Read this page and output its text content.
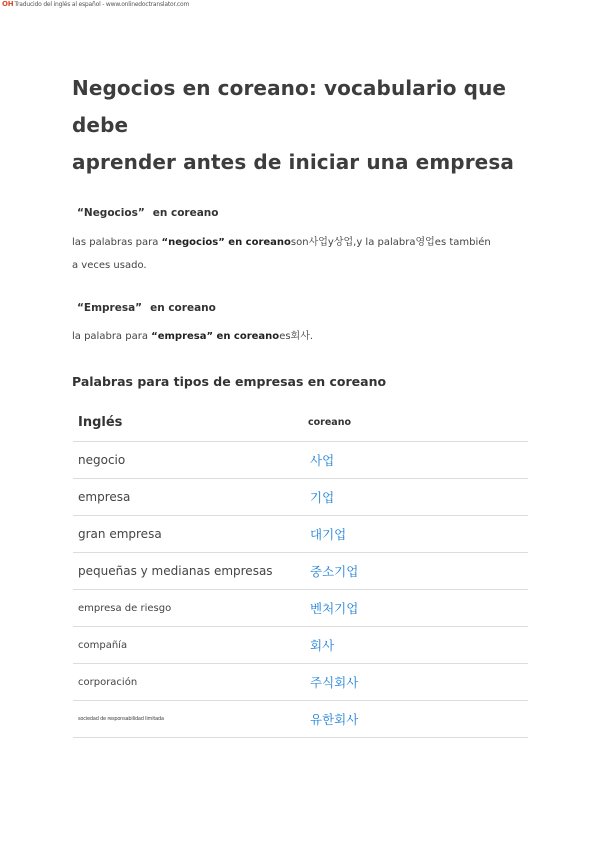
OHTraducido del inglés al español - www.onlinedoctranslator.com
Negocios en coreano: vocabulario que debe
aprender antes de iniciar una empresa
“Negocios” en coreano

las palabras para “negocios” en coreanoson사업y상업,y la palabra영업es también

a veces usado.

“Empresa” en coreano

la palabra para “empresa” en coreanoes회사.

Palabras para tipos de empresas en coreano
Inglés	coreano
negocio	사업
empresa	기업
gran empresa	대기업
pequeñas y medianas empresas	중소기업
empresa de riesgo	벤처기업
compañía	회사
corporación	주식회사
sociedad de responsabilidad limitada	유한회사
